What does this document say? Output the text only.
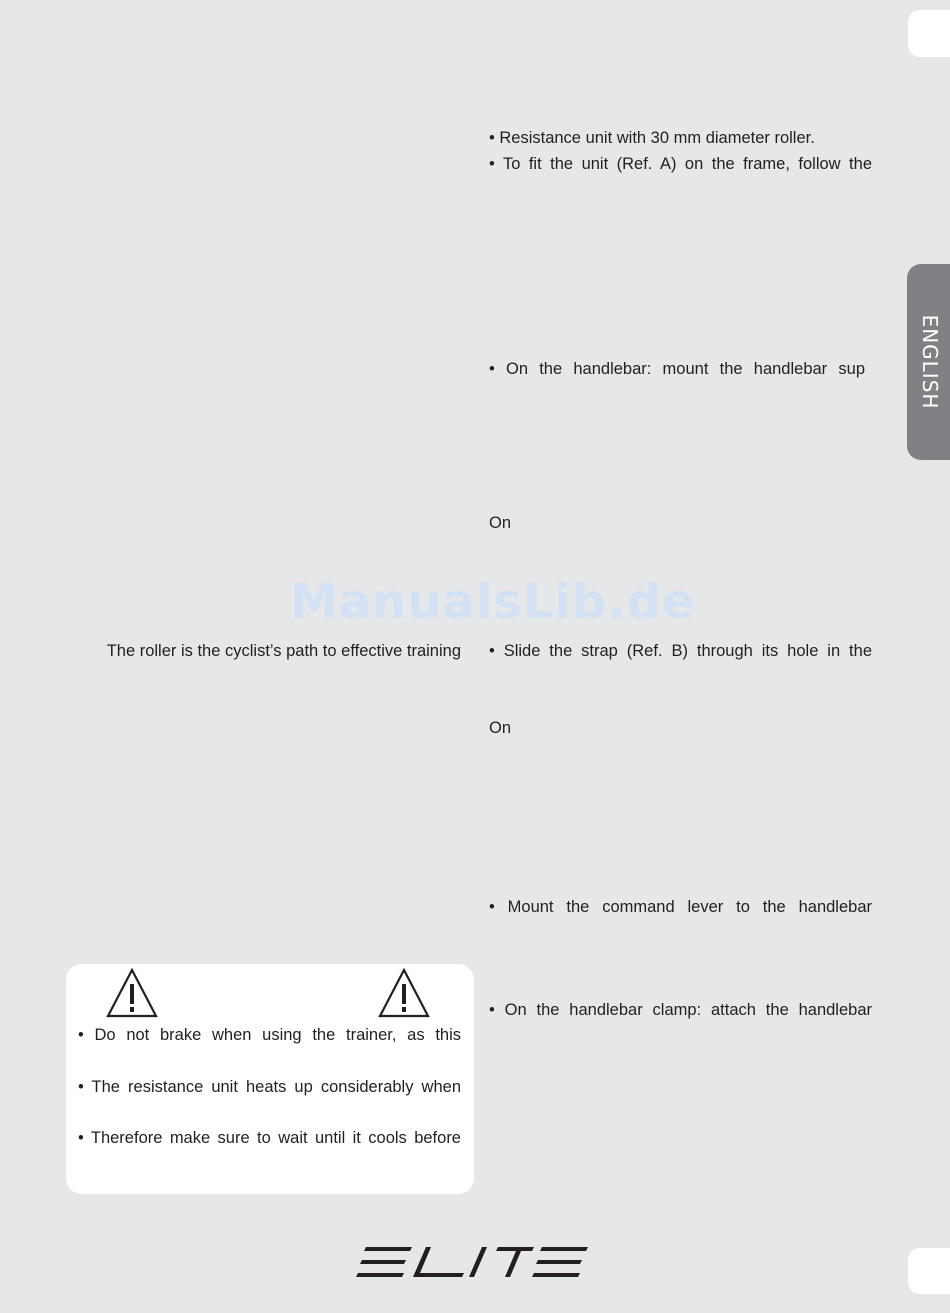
ENGLISH
• Resistance unit with 30 mm diameter roller.
• To fit the unit (Ref. A) on the frame, follow the
• On the handlebar: mount the handlebar sup
On
ManualsLib.de
• Slide the strap (Ref. B) through its hole in the
On
• Mount the command lever to the handlebar
• On the handlebar clamp: attach the handlebar
The roller is the cyclist’s path to effective training
• Do not brake when using the trainer, as this
• The resistance unit heats up considerably when
• Therefore make sure to wait until it cools before
